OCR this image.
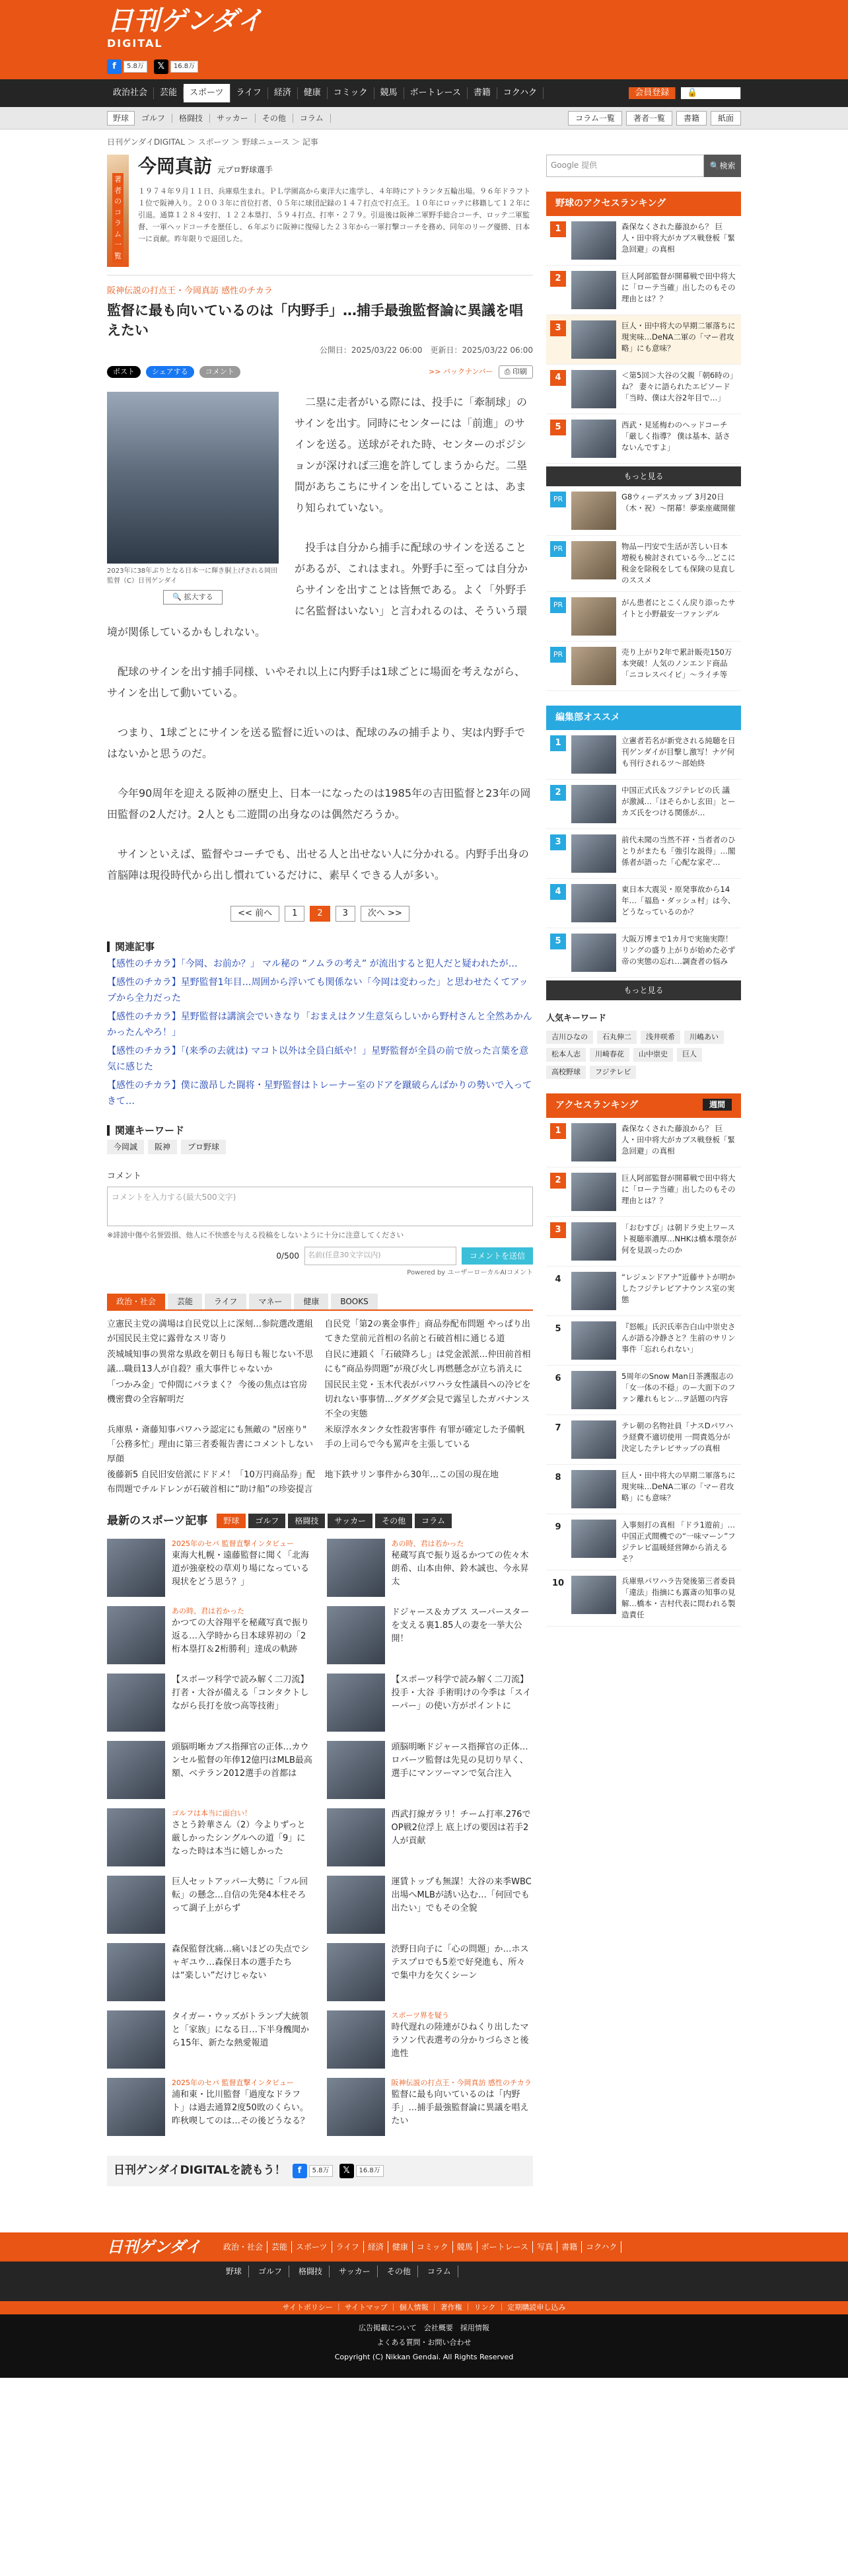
日刊ゲンダイ
DIGITAL
f	5.8万	𝕏	16.8万
政治社会	芸能	スポーツ	ライフ	経済	健康	コミック	競馬	ボートレース	書籍	コクハク	会員登録	🔒 ログイン
野球	ゴルフ	格闘技	サッカー	その他	コラム	コラム一覧	著者一覧	書籍	紙面
日刊ゲンダイDIGITAL ＞ スポーツ ＞ 野球ニュース ＞ 記事
著者のコラム一覧
今岡真訪 元プロ野球選手
１９７４年９月１１日、兵庫県生まれ。ＰＬ学園高から東洋大に進学し、４年時にアトランタ五輪出場。９６年ドラフト１位で阪神入り。２００３年に首位打者、０５年に球団記録の１４７打点で打点王。１０年にロッテに移籍して１２年に引退。通算１２８４安打、１２２本塁打、５９４打点、打率・２７９。引退後は阪神二軍野手総合コーチ、ロッテ二軍監督、一軍ヘッドコーチを歴任し、６年ぶりに阪神に復帰した２３年から一軍打撃コーチを務め、同年のリーグ優勝、日本一に貢献。昨年限りで退団した。
阪神伝説の打点王・今岡真訪 感性のチカラ
監督に最も向いているのは「内野手」…捕手最強監督論に異議を唱えたい
公開日：2025/03/22 06:00　 更新日：2025/03/22 06:00
ポスト	シェアする	コメント	>> バックナンバー	⎙ 印刷
2023年に38年ぶりとなる日本一に輝き胴上げされる岡田監督（C）日刊ゲンダイ
🔍 拡大する

二塁に走者がいる際には、投手に「牽制球」のサインを出す。同時にセンターには「前進」のサインを送る。送球がそれた時、センターのポジションが深ければ三進を許してしまうからだ。二塁間があちこちにサインを出していることは、あまり知られていない。

投手は自分から捕手に配球のサインを送ることがあるが、これはまれ。外野手に至っては自分からサインを出すことは皆無である。よく「外野手に名監督はいない」と言われるのは、そういう環境が関係しているかもしれない。

配球のサインを出す捕手同様、いやそれ以上に内野手は1球ごとに場面を考えながら、サインを出して動いている。

つまり、1球ごとにサインを送る監督に近いのは、配球のみの捕手より、実は内野手ではないかと思うのだ。

今年90周年を迎える阪神の歴史上、日本一になったのは1985年の吉田監督と23年の岡田監督の2人だけ。2人とも二遊間の出身なのは偶然だろうか。

サインといえば、監督やコーチでも、出せる人と出せない人に分かれる。内野手出身の首脳陣は現役時代から出し慣れているだけに、素早くできる人が多い。

<< 前へ	1	2	3	次へ >>
関連記事
【感性のチカラ】「今岡、お前か？」 マル秘の “ノムラの考え” が流出すると犯人だと疑われたが…
【感性のチカラ】星野監督1年目…周囲から浮いても関係ない「今岡は変わった」と思わせたくてアップから全力だった
【感性のチカラ】星野監督は講演会でいきなり「おまえはクソ生意気らしいから野村さんと全然あかんかったんやろ！」
【感性のチカラ】「(来季の去就は) マコト以外は全員白紙や！」星野監督が全員の前で放った言葉を意気に感じた
【感性のチカラ】僕に激昂した闘将・星野監督はトレーナー室のドアを蹴破らんばかりの勢いで入ってきて…
関連キーワード
今岡誠	阪神	プロ野球
コメント
コメントを入力する(最大500文字)
※誹謗中傷や名誉毀損、他人に不快感を与える投稿をしないように十分に注意してください
0/500	名前(任意30文字以内)	コメントを送信
Powered by ユーザーローカルAIコメント
政治・社会	芸能	ライフ	マネー	健康	BOOKS
立憲民主党の満場は自民党以上に深刻…参院選改選組が国民民主党に露骨なスリ寄り
自民党「第2の裏金事件」商品券配布問題 やっぱり出てきた堂前元首相の名前と石破首相に通じる道
茨城城知事の異常な県政を朝日も毎日も報じない不思議…職員13人が自殺？重大事件じゃないか
自民に連鎖く「石破降ろし」は党金派派…仲田前首相にも“商品券問題”が飛び火し再燃懸念が立ち消えに
「つかみ金」で仲間にバラまく？ 今後の焦点は官房機密費の全容解明だ
国民民主党・玉木代表がパワハラ女性議員への冷ピを切れない事事情…グダグダ会見で露呈したガバナンス不全の実態
兵庫県・斎藤知事パワハラ認定にも無敵の "居座り" 「公務多忙」理由に第三者委報告書にコメントしない厚顔
米原浮水タンク女性殺害事件 有罪が確定した予備帆手の上司らで今も罵声を主張している
後藤新5 自民旧安倍派にドドメ！「10万円商品券」配布問題でチルドレンが石破首相に“助け船”の珍姿提言
地下鉄サリン事件から30年…この国の現在地
最新のスポーツ記事	野球	ゴルフ	格闘技	サッカー	その他	コラム
2025年のセパ 監督直撃インタビュー
東海大札幌・遠藤監督に聞く「北海道が強豪校の草刈り場になっている現状をどう思う？」
あの時、君は若かった
秘蔵写真で振り返るかつての佐々木朗希、山本由伸、鈴木誠也、今永昇太
あの時、君は若かった
かつての大谷翔平を秘蔵写真で振り返る…入学時から日本球界初の「2桁本塁打＆2桁勝利」達成の軌跡
ドジャース＆カブス スーパースターを支える裏1.85人の妻を一挙大公開！
【スポーツ科学で読み解く二刀流】打者・大谷が備える「コンタクトしながら長打を放つ高等技術」
【スポーツ科学で読み解く二刀流】投手・大谷 手術明けの今季は「スイーパー」の使い方がポイントに
頭脳明晰カブス指揮官の正体…カウンセル監督の年俸12億円はMLB最高額、ベテラン2012選手の首都は
頭脳明晰ドジャース指揮官の正体…ロバーツ監督は先見の見切り早く、選手にマンツーマンで気合注入
ゴルフは本当に面白い！
さとう鈴華さん（2）今よりずっと厳しかったシングルへの道「9」になった時は本当に嬉しかった
西武打線ガラリ！チーム打率.276でOP戦2位浮上 底上げの要因は若手2人が貢献
巨人セットアッパー大勢に「フル回転」の懸念…自信の先発4本柱そろって調子上がらず
運賃トップも無謀！大谷の来季WBC出場へMLBが誘い込む…「何回でも出たい」でもその全貌
森保監督沈痛…痛いほどの失点でシャギユウ…森保日本の選手たちは“楽しい”だけじゃない
渋野日向子に「心の問題」か…ホステスプロでも5差で好発進も、所々で集中力を欠くシーン
タイガー・ウッズがトランプ大統領と「家族」になる日…下半身醜聞から15年、新たな熱愛報道
スポーツ界を疑う
時代遅れの陸連がひねくり出したマラソン代表選考の分かりづらさと後進性
2025年のセパ 監督直撃インタビュー
浦和東・比川監督「過度なドラフト」は過去通算2度50敗のくらい。昨秋喫してのは…その後どうなる？
阪神伝説の打点王・今岡真訪 感性のチカラ
監督に最も向いているのは「内野手」…捕手最強監督論に異議を唱えたい
日刊ゲンダイDIGITALを読もう！	f	5.8万	𝕏	16.8万
Google 提供	🔍検索
野球のアクセスランキング
1	森保なくされた藤浪から？ 巨人・田中将大がカブス戦登板「緊急回避」の真相
2	巨人阿部監督が開幕戦で田中将大に「ローテ当確」出したのもその理由とは？？
3	巨人・田中将大の早期二軍落ちに現実味…DeNA二軍の「マー君攻略」にも意味？
4	＜第5回＞大谷の父親「朝6時の」ね？ 妻々に語られたエピソード「当時、僕は大谷2年目で…」
5	西武・見延梅わのヘッドコーチ「厳しく指導？ 僕は基本、話さないんですよ」
もっと見る
PR	G8ウィーデスカップ 3月20日（木・祝）〜閉幕！夢楽座蔵開催
PR	物品ー円安で生活が苦しい日本 増税も検討されている今…どこに税金を除税をしても保険の見直しのススメ
PR	がん患者にとこくん戻り添ったサイトと小野最安一ファンデル
PR	売り上がり2年で累計販売150万本突破！人気のノンエンド商品「ニコレスベイビ」〜ライチ等
編集部オススメ
1	立憲者若名が新党される純聴を日刊ゲンダイが目撃し激写！ナゲ何も刊行されるツ〜部始終
2	中国正式氏＆フジテレビの氏 議が激減…「ほそらかし玄田」とーカズ氏をつける関係が…
3	前代未聞の当然不祥・当者者のひとりがまたも「強引な説得」…閣係者が語った「心配な家ぞ…
4	東日本大震災・原発事故から14年…「福島・ダッシュ村」は今、どうなっているのか？
5	大阪万博まで1カ月で実施実際！リングの盛り上がりが始めた必ず帝の実態の忘れ…調査者の悩み
もっと見る
人気キーワード
吉川ひなの	石丸伸二	浅井咲希	川嶋あい
松本人志	川崎春花	山中崇史	巨人
高校野球	フジテレビ
アクセスランキング	週間
1	森保なくされた藤浪から？ 巨人・田中将大がカブス戦登板「緊急回避」の真相
2	巨人阿部監督が開幕戦で田中将大に「ローテ当確」出したのもその理由とは？？
3	「おむすび」は朝ドラ史上ワースト視聴率濃厚…NHKは橋本環奈が何を見誤ったのか
4	“レジェンドアナ”近藤サトが明かしたフジテレビアナウンス室の実態
5	『怒帳』氏沢氏率告白山中崇史さんが語る冷静さと？生前のサリン事件「忘れられない」
6	5周年のSnow Man日茶護服志の「女一体の不穏」のー大面下のファン離れもヒン…ヲ話題の内容
7	テレ朝の名物社員「ナスDパワハラ経費不適切使用 一問責処分が決定したテレビサップの真相
8	巨人・田中将大の早期二軍落ちに現実味…DeNA二軍の「マー君攻略」にも意味？
9	入事刻打の真相 「ドラ1遊前」…中国正式間機での“一味マーン”フジテレビ温暖経営陣から消えるそ？
10	兵庫県パワハラ告発後第三者委員「違法」指摘にも露斎の知事の見解…橋本・吉村代表に問われる製造責任
日刊ゲンダイ	政治・社会	芸能	スポーツ	ライフ	経済	健康	コミック	競馬	ボートレース	写真	書籍	コクハク
野球	ゴルフ	格闘技	サッカー	その他	コラム
サイトポリシー ｜ サイトマップ ｜ 個人情報 ｜ 著作権 ｜ リンク ｜ 定期購読申し込み
広告掲載について　会社概要　採用情報
よくある質問・お問い合わせ
Copyright (C) Nikkan Gendai. All Rights Reserved
